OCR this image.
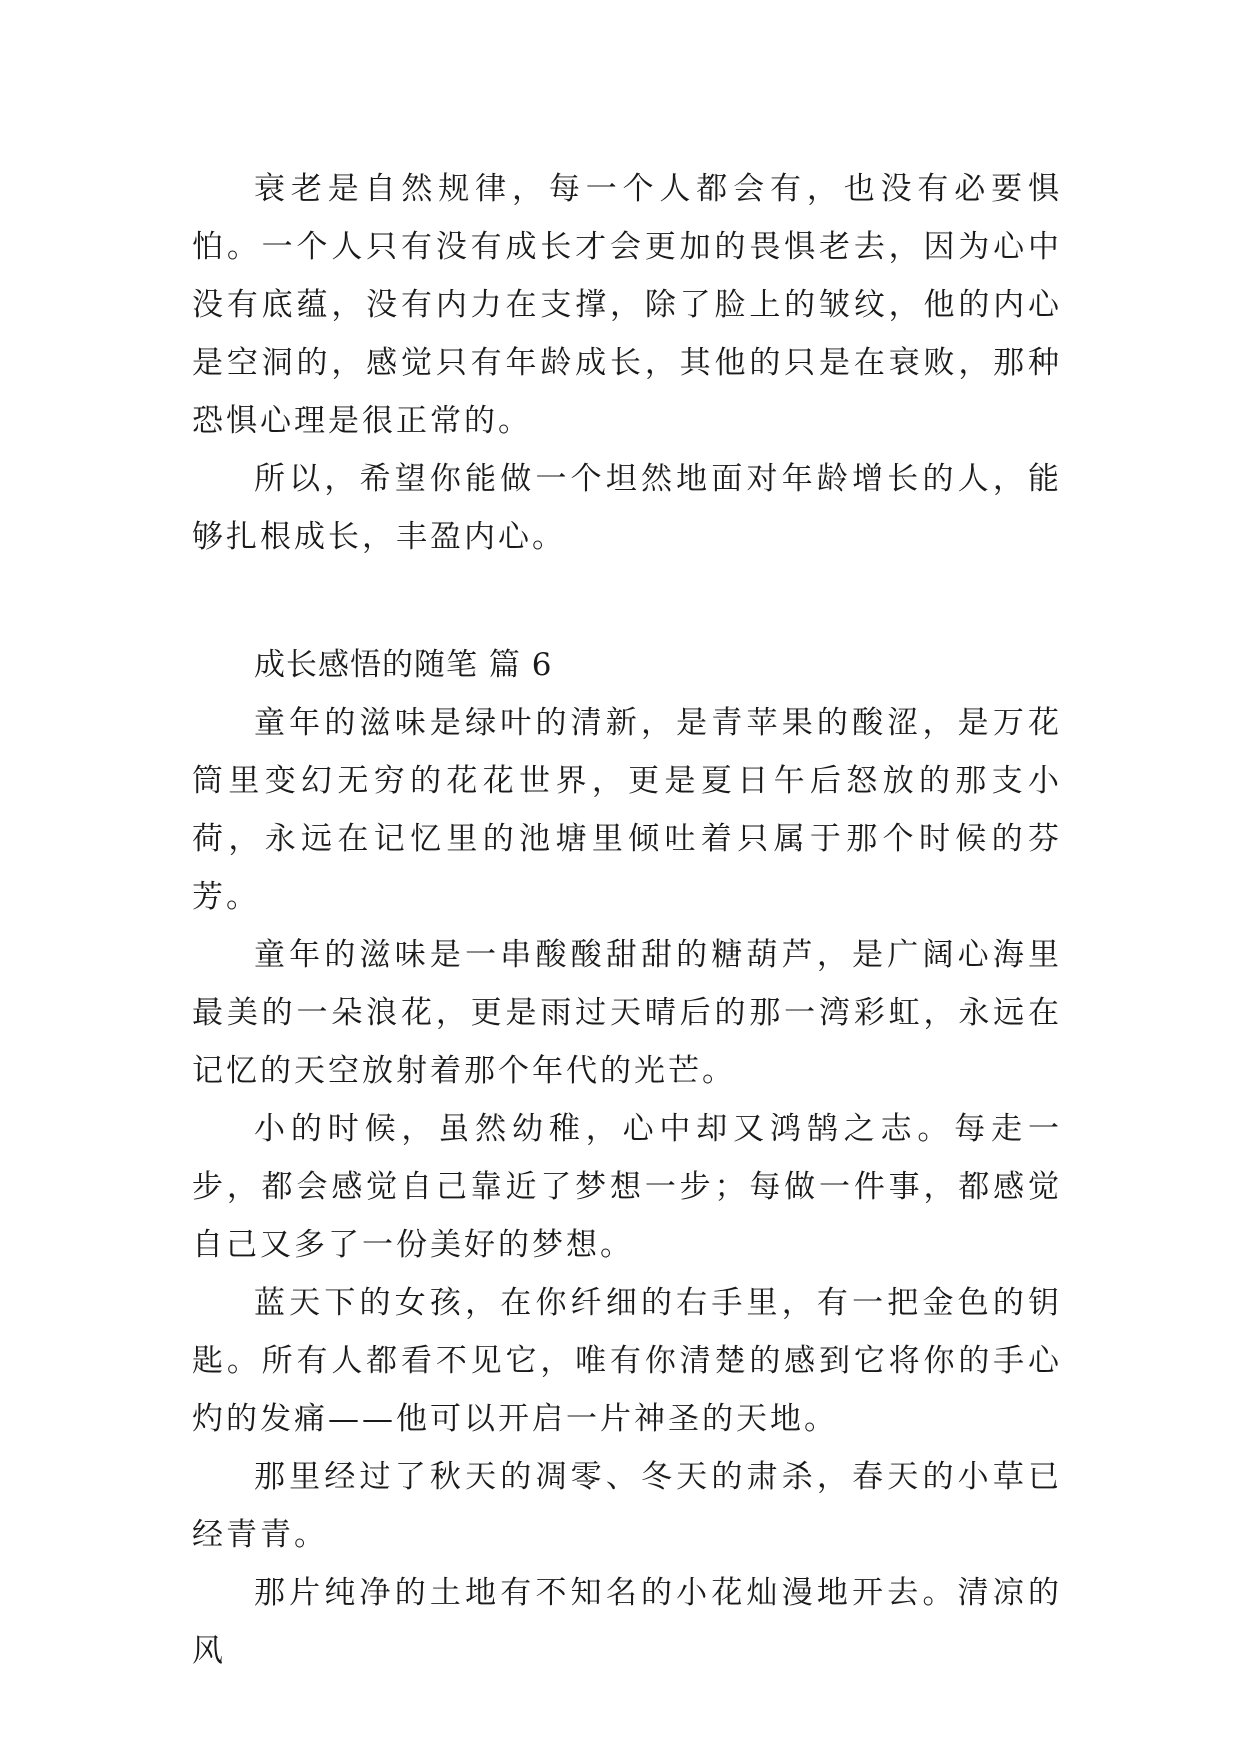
衰老是自然规律，每一个人都会有，也没有必要惧怕。一个人只有没有成长才会更加的畏惧老去，因为心中没有底蕴，没有内力在支撑，除了脸上的皱纹，他的内心是空洞的，感觉只有年龄成长，其他的只是在衰败，那种恐惧心理是很正常的。

所以，希望你能做一个坦然地面对年龄增长的人，能够扎根成长，丰盈内心。

成长感悟的随笔 篇 6

童年的滋味是绿叶的清新，是青苹果的酸涩，是万花筒里变幻无穷的花花世界，更是夏日午后怒放的那支小荷，永远在记忆里的池塘里倾吐着只属于那个时候的芬芳。

童年的滋味是一串酸酸甜甜的糖葫芦，是广阔心海里最美的一朵浪花，更是雨过天晴后的那一湾彩虹，永远在记忆的天空放射着那个年代的光芒。

小的时候，虽然幼稚，心中却又鸿鹄之志。每走一步，都会感觉自己靠近了梦想一步；每做一件事，都感觉自己又多了一份美好的梦想。

蓝天下的女孩，在你纤细的右手里，有一把金色的钥匙。所有人都看不见它，唯有你清楚的感到它将你的手心灼的发痛——他可以开启一片神圣的天地。

那里经过了秋天的凋零、冬天的肃杀，春天的小草已经青青。

那片纯净的土地有不知名的小花灿漫地开去。清凉的风
